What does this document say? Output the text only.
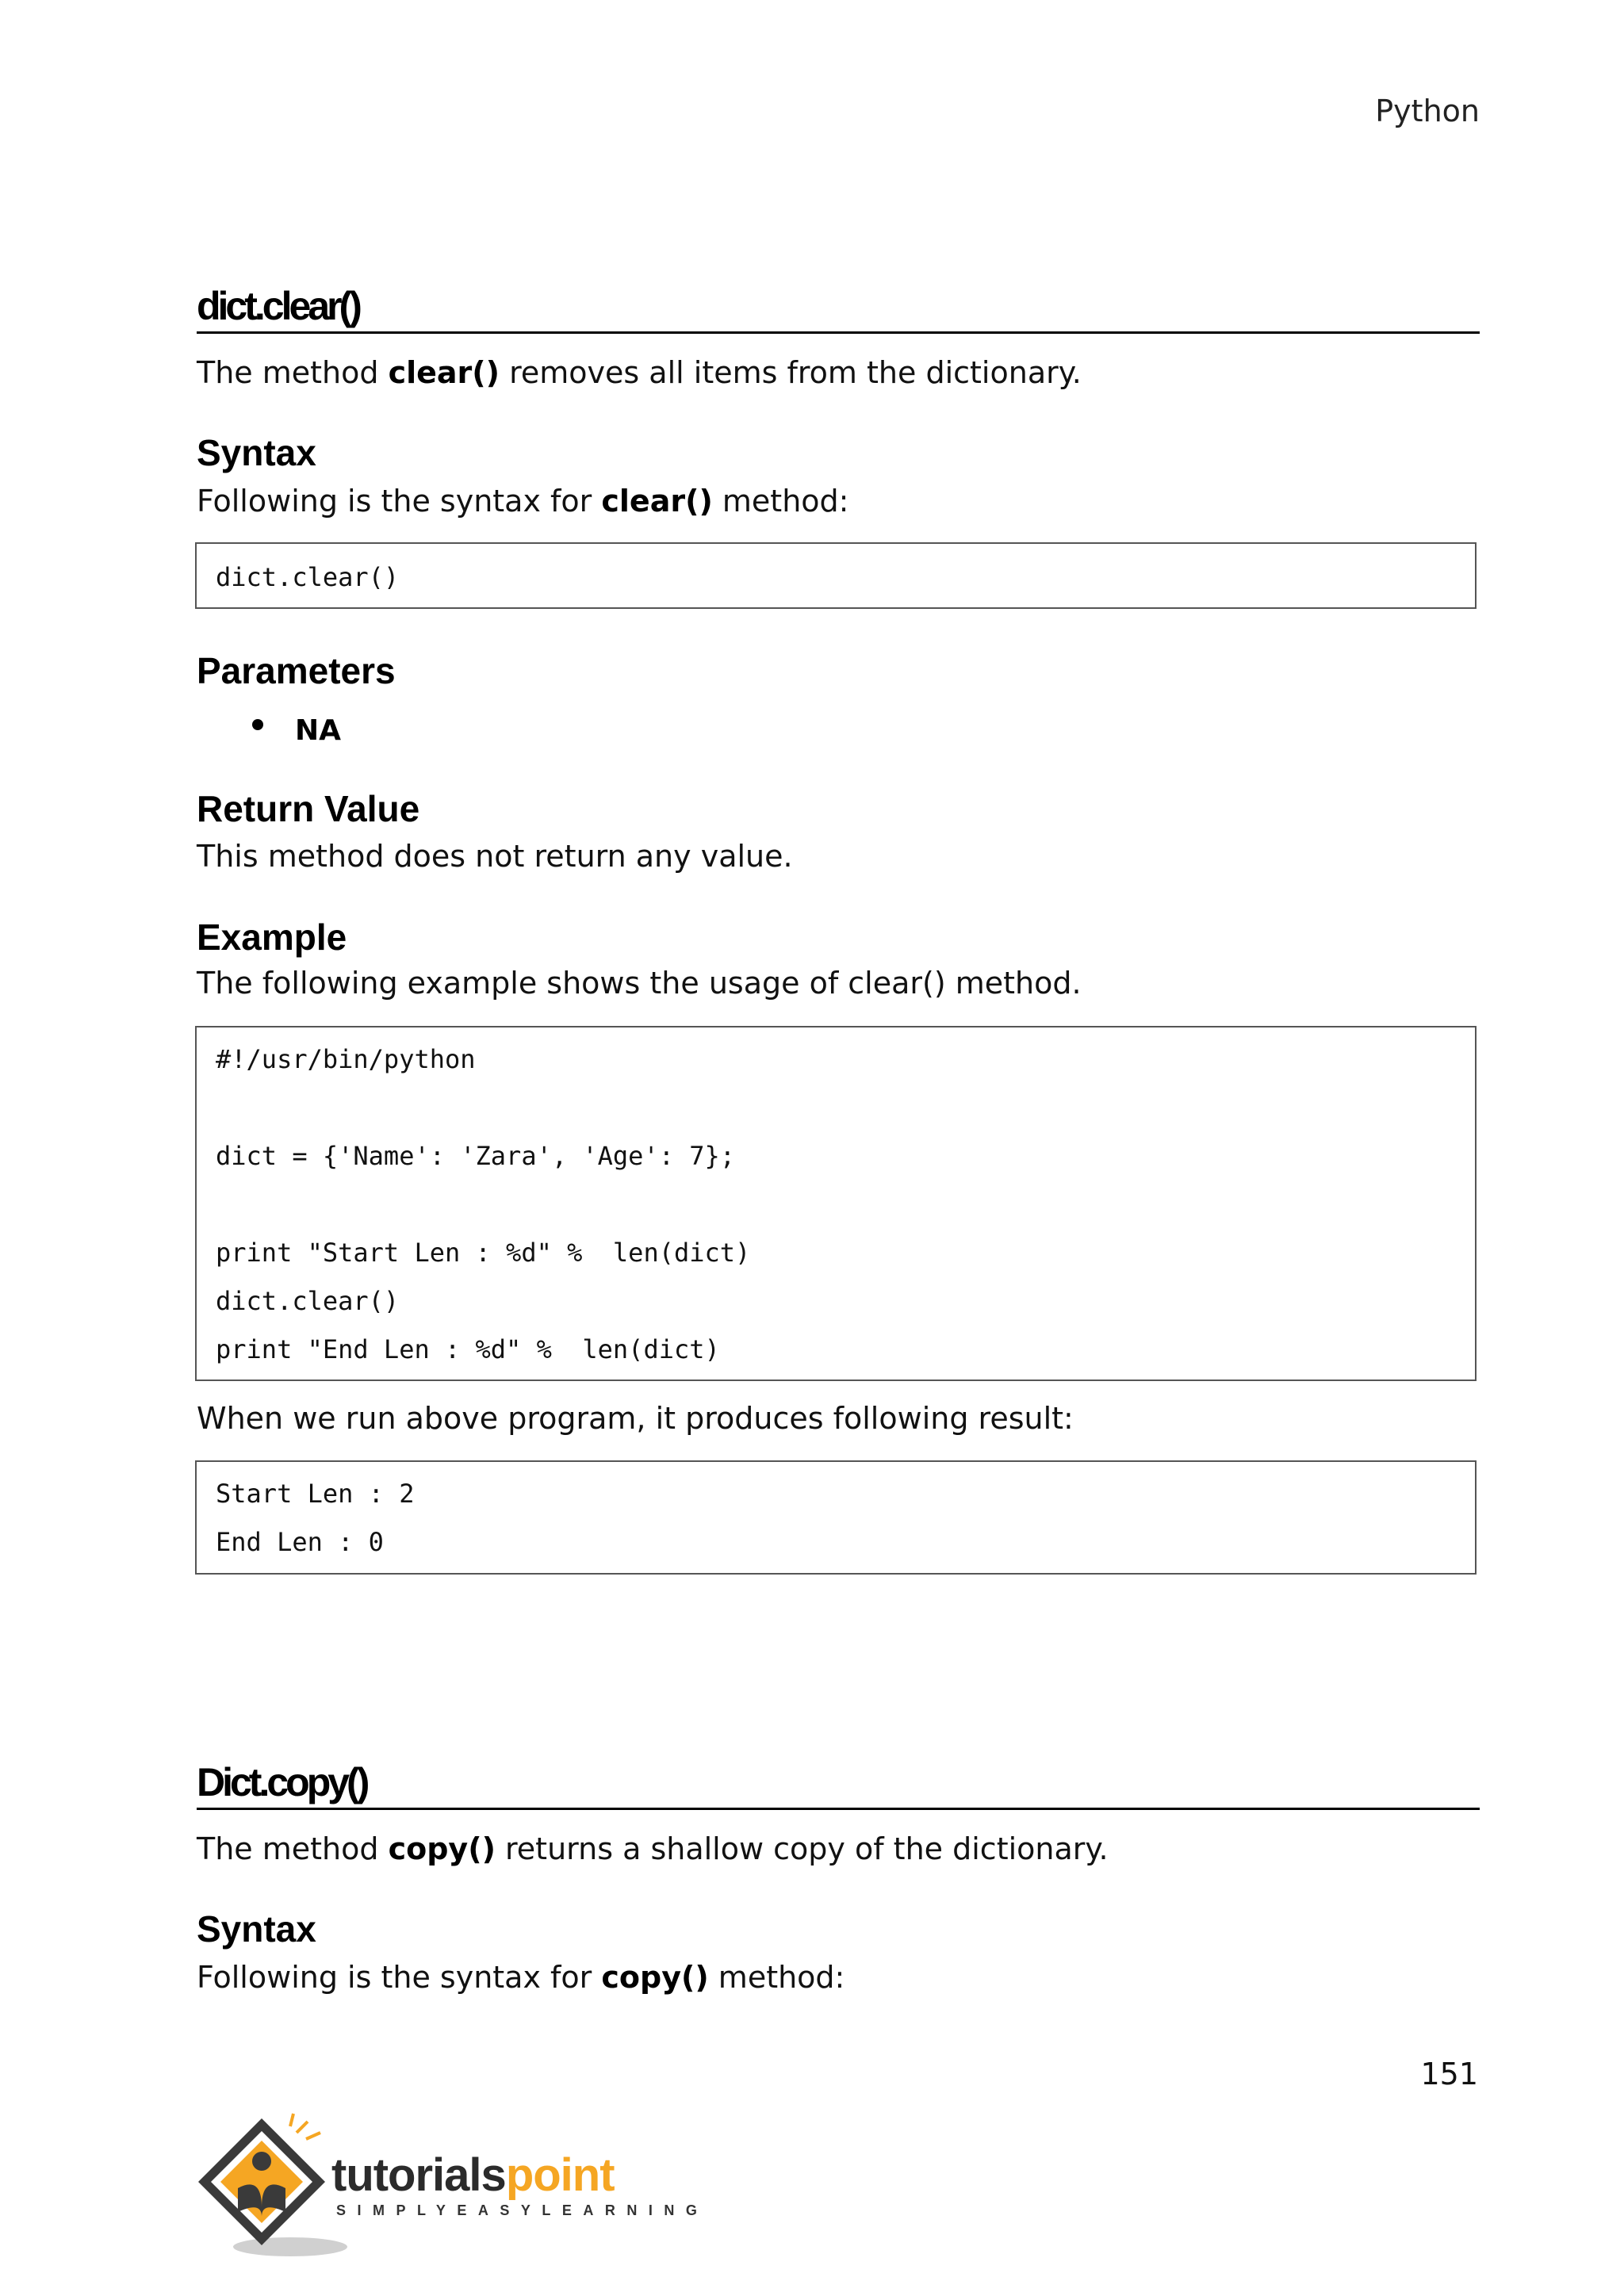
Python
dict.clear()
The method clear() removes all items from the dictionary.
Syntax
Following is the syntax for clear() method:
dict.clear()
Parameters
NA
Return Value
This method does not return any value.
Example
The following example shows the usage of clear() method.
#!/usr/bin/python
dict = {'Name': 'Zara', 'Age': 7};
print "Start Len : %d" %  len(dict)
dict.clear()
print "End Len : %d" %  len(dict)
When we run above program, it produces following result:
Start Len : 2
End Len : 0
Dict.copy()
The method copy() returns a shallow copy of the dictionary.
Syntax
Following is the syntax for copy() method:
151
tutorialspoint
SIMPLYEASYLEARNING
